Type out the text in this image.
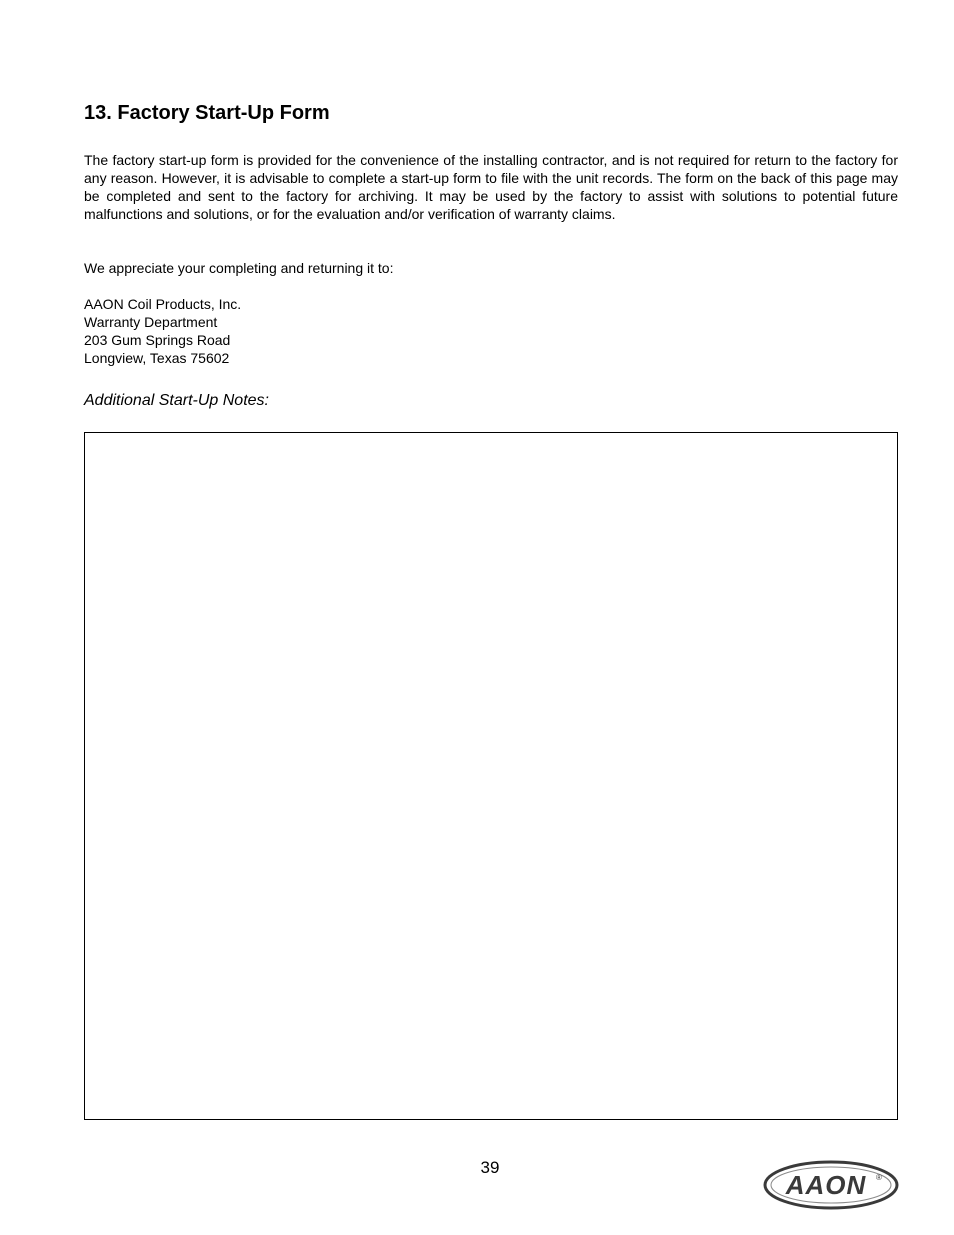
13. Factory Start-Up Form

The factory start-up form is provided for the convenience of the installing contractor, and is not required for return to the factory for any reason. However, it is advisable to complete a start-up form to file with the unit records. The form on the back of this page may be completed and sent to the factory for archiving. It may be used by the factory to assist with solutions to potential future malfunctions and solutions, or for the evaluation and/or verification of warranty claims.

We appreciate your completing and returning it to:

AAON Coil Products, Inc.
Warranty Department
203 Gum Springs Road
Longview, Texas 75602

Additional Start-Up Notes:

39
AAON ®
